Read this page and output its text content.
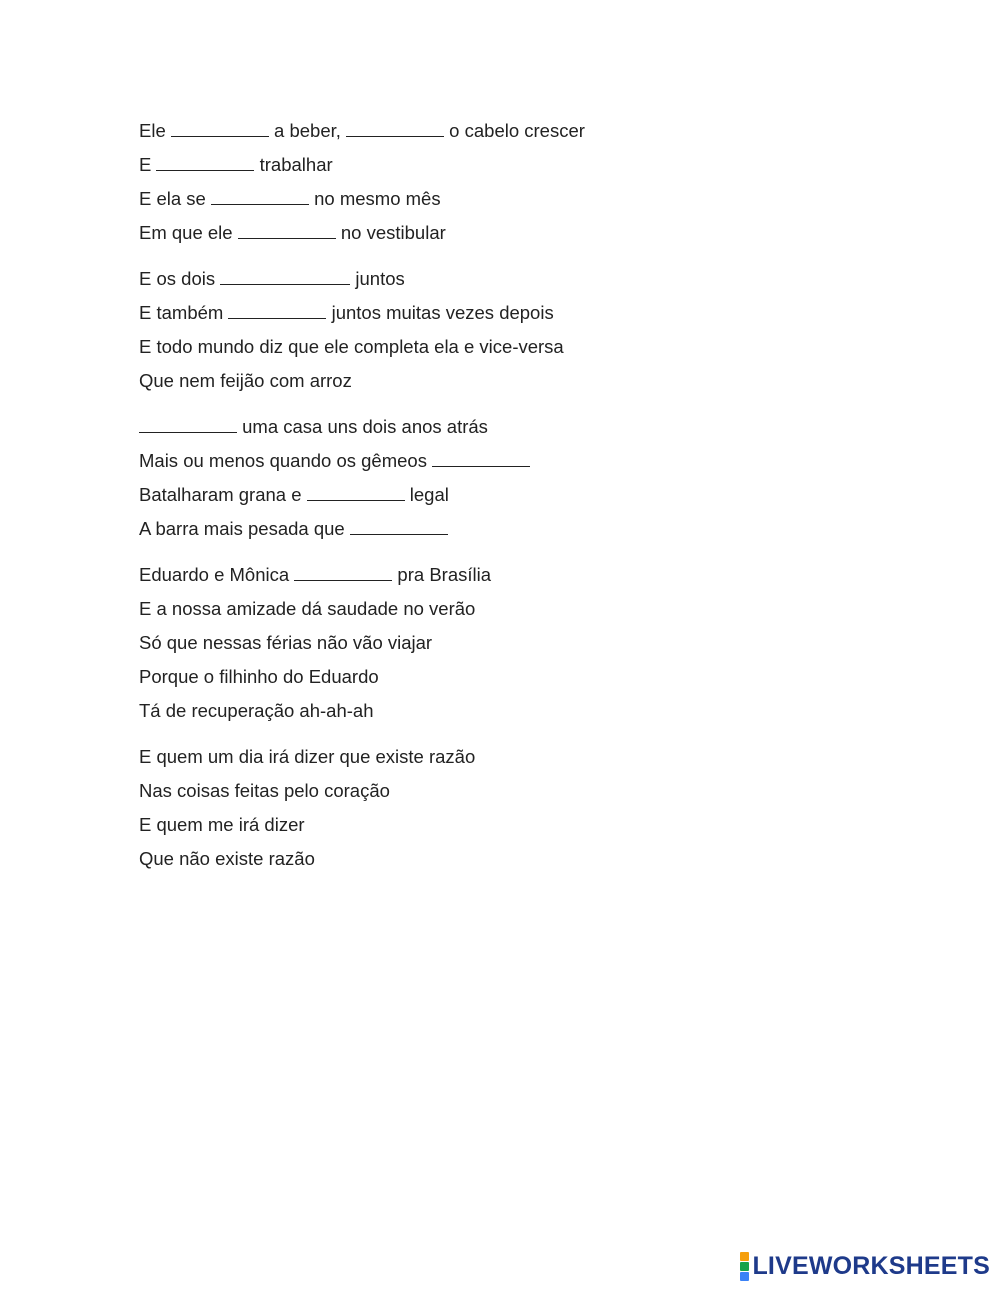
Ele	a beber,	o cabelo crescer
E	trabalhar
E ela se	no mesmo mês
Em que ele	no vestibular
E os dois	juntos
E também	juntos muitas vezes depois
E todo mundo diz que ele completa ela e vice-versa
Que nem feijão com arroz
uma casa uns dois anos atrás
Mais ou menos quando os gêmeos
Batalharam grana e	legal
A barra mais pesada que
Eduardo e Mônica	pra Brasília
E a nossa amizade dá saudade no verão
Só que nessas férias não vão viajar
Porque o filhinho do Eduardo
Tá de recuperação ah-ah-ah
E quem um dia irá dizer que existe razão
Nas coisas feitas pelo coração
E quem me irá dizer
Que não existe razão
LIVEWORKSHEETS
